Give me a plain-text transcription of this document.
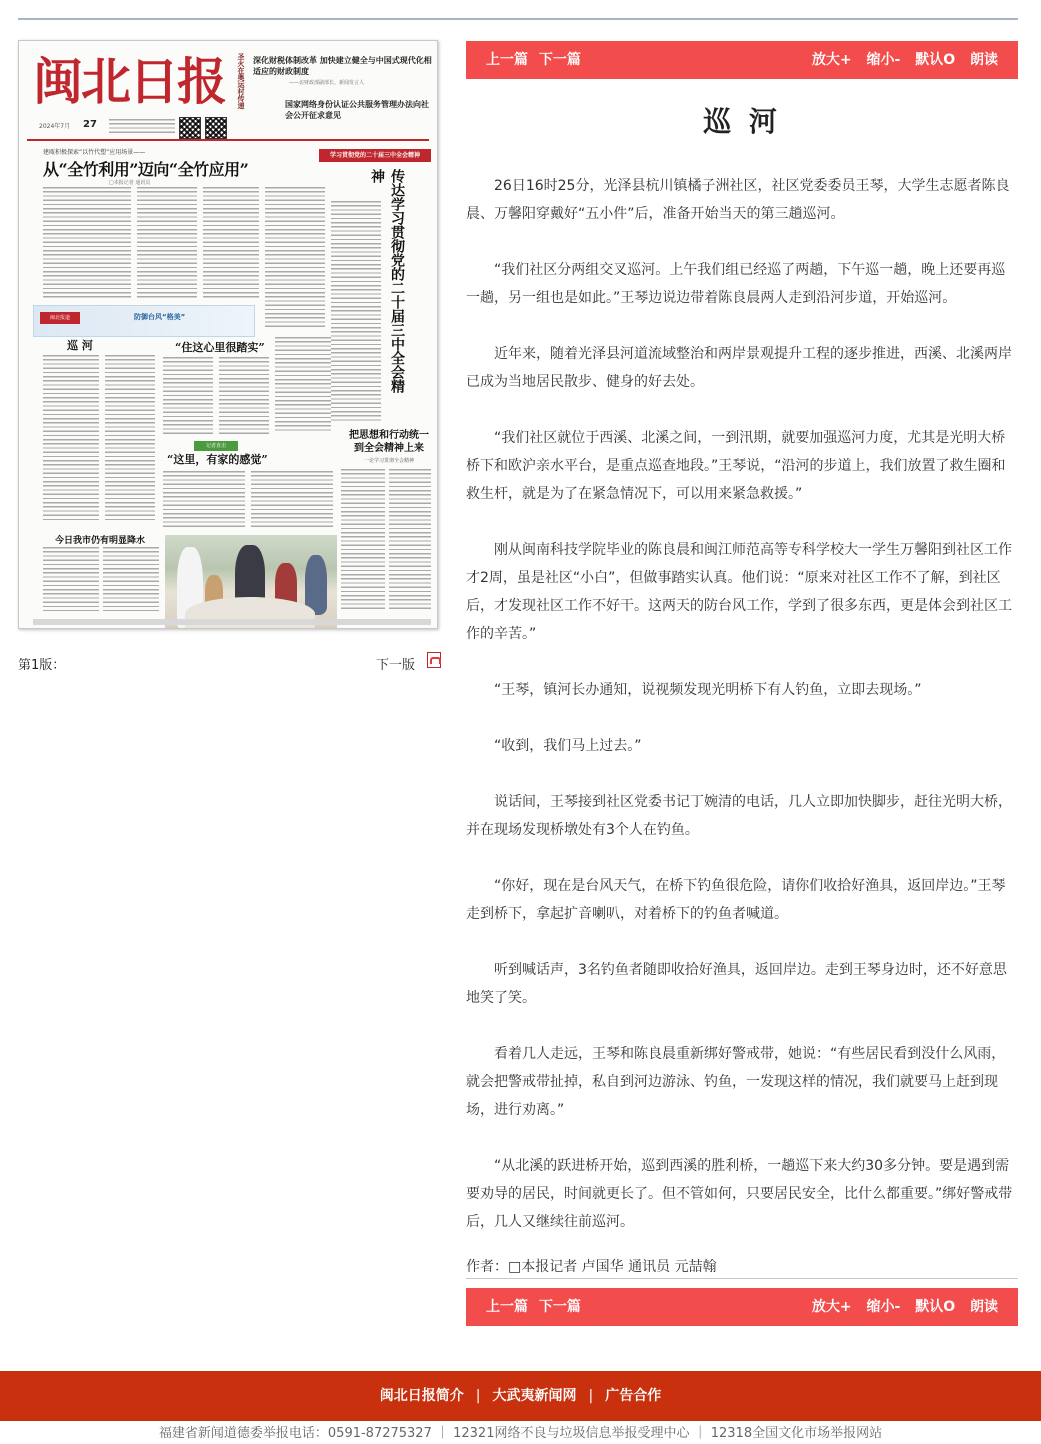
闽北日报
2024年7月 27
圣火在奥运村传递 深化财税体制改革 加快建立健全与中国式现代化相适应的财政制度
——访财政部副部长、新闻发言人
国家网络身份认证公共服务管理办法向社会公开征求意见
建瓯积极探索“以竹代塑”应用场景——
从“全竹利用”迈向“全竹应用”
□本报记者 通讯员
学习贯彻党的二十届三中全会精神
传达学习贯彻党的二十届三中全会精神
闽北报道	防御台风“格美”
巡 河	“住这心里很踏实”
记者直击
“这里，有家的感觉”
把思想和行动统一到全会精神上来
一论学习贯彻全会精神
今日我市仍有明显降水
第1版：	下一版
上一篇 下一篇	放大+ 缩小- 默认O 朗读
巡 河

26日16时25分，光泽县杭川镇橘子洲社区，社区党委委员王琴，大学生志愿者陈良晨、万馨阳穿戴好“五小件”后，准备开始当天的第三趟巡河。

“我们社区分两组交叉巡河。上午我们组已经巡了两趟，下午巡一趟，晚上还要再巡一趟，另一组也是如此。”王琴边说边带着陈良晨两人走到沿河步道，开始巡河。

近年来，随着光泽县河道流域整治和两岸景观提升工程的逐步推进，西溪、北溪两岸已成为当地居民散步、健身的好去处。

“我们社区就位于西溪、北溪之间，一到汛期，就要加强巡河力度，尤其是光明大桥桥下和欧沪亲水平台，是重点巡查地段。”王琴说，“沿河的步道上，我们放置了救生圈和救生杆，就是为了在紧急情况下，可以用来紧急救援。”

刚从闽南科技学院毕业的陈良晨和闽江师范高等专科学校大一学生万馨阳到社区工作才2周，虽是社区“小白”，但做事踏实认真。他们说：“原来对社区工作不了解，到社区后，才发现社区工作不好干。这两天的防台风工作，学到了很多东西，更是体会到社区工作的辛苦。”

“王琴，镇河长办通知，说视频发现光明桥下有人钓鱼，立即去现场。”

“收到，我们马上过去。”

说话间，王琴接到社区党委书记丁婉清的电话，几人立即加快脚步，赶往光明大桥，并在现场发现桥墩处有3个人在钓鱼。

“你好，现在是台风天气，在桥下钓鱼很危险，请你们收拾好渔具，返回岸边。”王琴走到桥下，拿起扩音喇叭，对着桥下的钓鱼者喊道。

听到喊话声，3名钓鱼者随即收拾好渔具，返回岸边。走到王琴身边时，还不好意思地笑了笑。

看着几人走远，王琴和陈良晨重新绑好警戒带，她说：“有些居民看到没什么风雨，就会把警戒带扯掉，私自到河边游泳、钓鱼，一发现这样的情况，我们就要马上赶到现场，进行劝离。”

“从北溪的跃进桥开始，巡到西溪的胜利桥，一趟巡下来大约30多分钟。要是遇到需要劝导的居民，时间就更长了。但不管如何，只要居民安全，比什么都重要。”绑好警戒带后，几人又继续往前巡河。

作者：□本报记者 卢国华 通讯员 元喆翰
上一篇 下一篇	放大+ 缩小- 默认O 朗读
闽北日报简介 | 大武夷新闻网 | 广告合作
福建省新闻道德委举报电话：0591-87275327 ｜ 12321网络不良与垃圾信息举报受理中心 ｜ 12318全国文化市场举报网站
